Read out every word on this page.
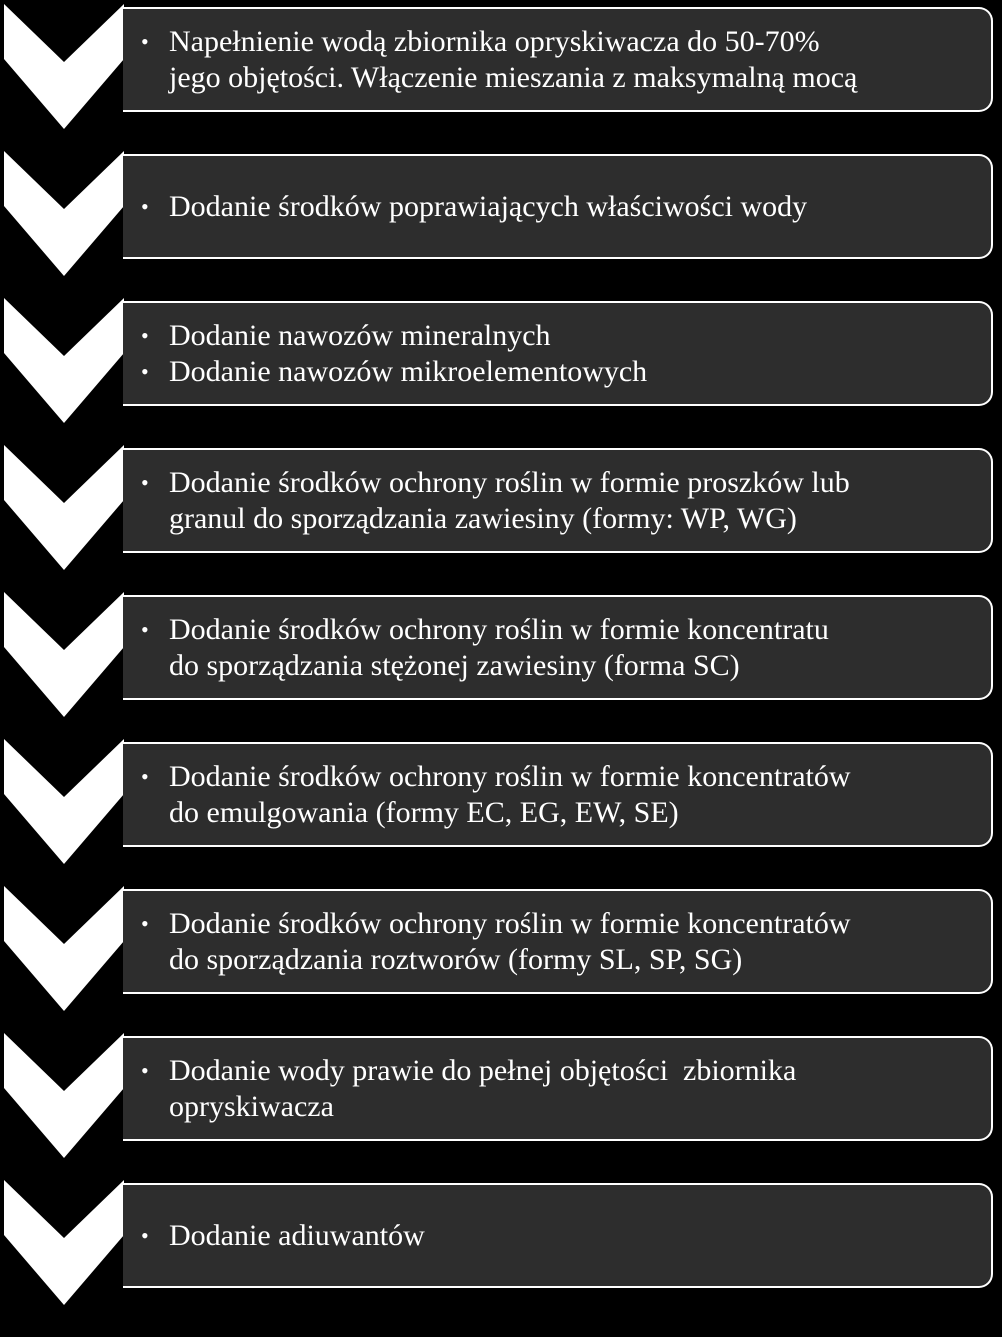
• Napełnienie wodą zbiornika opryskiwacza do 50-70%
jego objętości. Włączenie mieszania z maksymalną mocą
• Dodanie środków poprawiających właściwości wody
• Dodanie nawozów mineralnych
• Dodanie nawozów mikroelementowych
• Dodanie środków ochrony roślin w formie proszków lub
granul do sporządzania zawiesiny (formy: WP, WG)
• Dodanie środków ochrony roślin w formie koncentratu
do sporządzania stężonej zawiesiny (forma SC)
• Dodanie środków ochrony roślin w formie koncentratów
do emulgowania (formy EC, EG, EW, SE)
• Dodanie środków ochrony roślin w formie koncentratów
do sporządzania roztworów (formy SL, SP, SG)
• Dodanie wody prawie do pełnej objętości  zbiornika
opryskiwacza
• Dodanie adiuwantów
